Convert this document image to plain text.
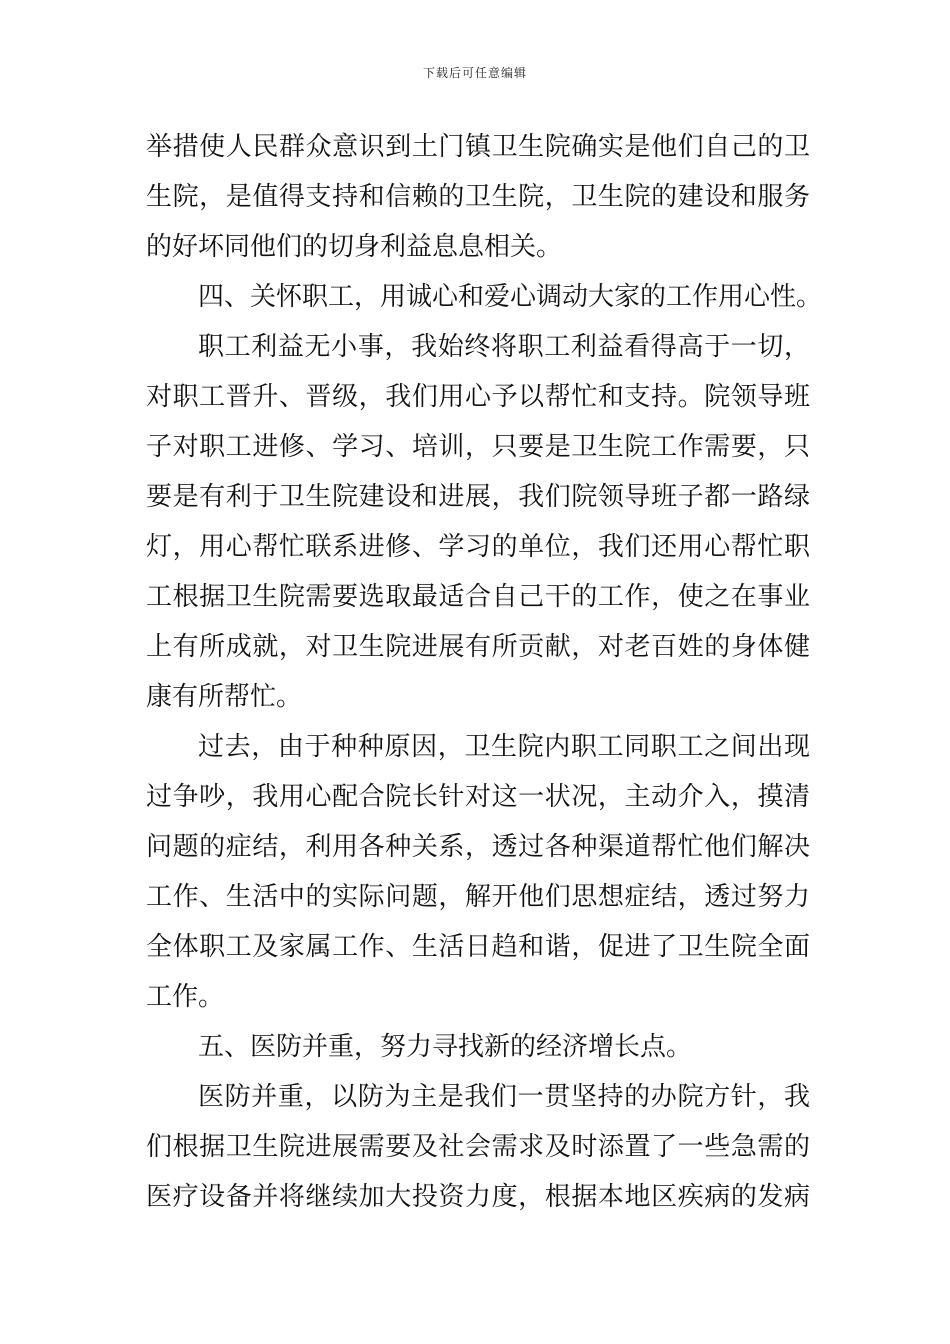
下载后可任意编辑
举措使人民群众意识到土门镇卫生院确实是他们自己的卫
生院，是值得支持和信赖的卫生院，卫生院的建设和服务
的好坏同他们的切身利益息息相关。
四、关怀职工，用诚心和爱心调动大家的工作用心性。
职工利益无小事，我始终将职工利益看得高于一切，
对职工晋升、晋级，我们用心予以帮忙和支持。院领导班
子对职工进修、学习、培训，只要是卫生院工作需要，只
要是有利于卫生院建设和进展，我们院领导班子都一路绿
灯，用心帮忙联系进修、学习的单位，我们还用心帮忙职
工根据卫生院需要选取最适合自己干的工作，使之在事业
上有所成就，对卫生院进展有所贡献，对老百姓的身体健
康有所帮忙。
过去，由于种种原因，卫生院内职工同职工之间出现
过争吵，我用心配合院长针对这一状况，主动介入，摸清
问题的症结，利用各种关系，透过各种渠道帮忙他们解决
工作、生活中的实际问题，解开他们思想症结，透过努力
全体职工及家属工作、生活日趋和谐，促进了卫生院全面
工作。
五、医防并重，努力寻找新的经济增长点。
医防并重，以防为主是我们一贯坚持的办院方针，我
们根据卫生院进展需要及社会需求及时添置了一些急需的
医疗设备并将继续加大投资力度，根据本地区疾病的发病
